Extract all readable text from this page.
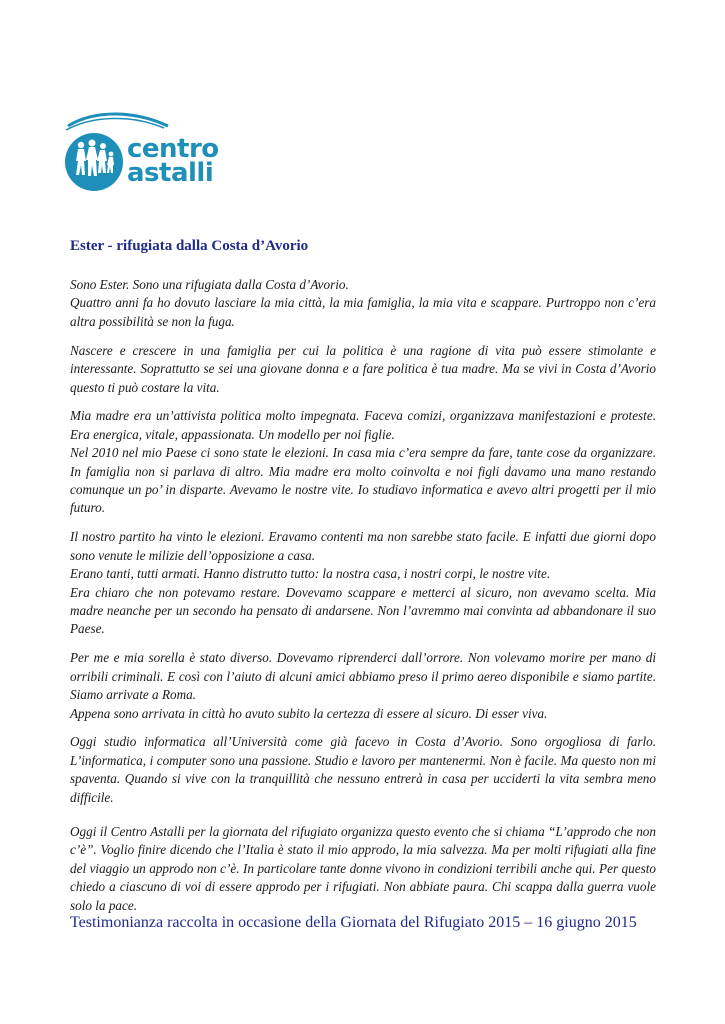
centro
astalli
Ester - rifugiata dalla Costa d’Avorio

Sono Ester. Sono una rifugiata dalla Costa d’Avorio.

Quattro anni fa ho dovuto lasciare la mia città, la mia famiglia, la mia vita e scappare. Purtroppo non c’era altra possibilità se non la fuga.

Nascere e crescere in una famiglia per cui la politica è una ragione di vita può essere stimolante e interessante. Soprattutto se sei una giovane donna e a fare politica è tua madre. Ma se vivi in Costa d’Avorio questo ti può costare la vita.

Mia madre era un’attivista politica molto impegnata. Faceva comizi, organizzava manifestazioni e proteste. Era energica, vitale, appassionata. Un modello per noi figlie.

Nel 2010 nel mio Paese ci sono state le elezioni. In casa mia c’era sempre da fare, tante cose da organizzare. In famiglia non si parlava di altro. Mia madre era molto coinvolta e noi figli davamo una mano restando comunque un po’ in disparte. Avevamo le nostre vite. Io studiavo informatica e avevo altri progetti per il mio futuro.

Il nostro partito ha vinto le elezioni. Eravamo contenti ma non sarebbe stato facile. E infatti due giorni dopo sono venute le milizie dell’opposizione a casa.

Erano tanti, tutti armati. Hanno distrutto tutto: la nostra casa, i nostri corpi, le nostre vite.

Era chiaro che non potevamo restare. Dovevamo scappare e metterci al sicuro, non avevamo scelta. Mia madre neanche per un secondo ha pensato di andarsene. Non l’avremmo mai convinta ad abbandonare il suo Paese.

Per me e mia sorella è stato diverso. Dovevamo riprenderci dall’orrore. Non volevamo morire per mano di orribili criminali. E così con l’aiuto di alcuni amici abbiamo preso il primo aereo disponibile e siamo partite. Siamo arrivate a Roma.

Appena sono arrivata in città ho avuto subito la certezza di essere al sicuro. Di esser viva.

Oggi studio informatica all’Università come già facevo in Costa d’Avorio. Sono orgogliosa di farlo. L’informatica, i computer sono una passione. Studio e lavoro per mantenermi. Non è facile. Ma questo non mi spaventa. Quando si vive con la tranquillità che nessuno entrerà in casa per ucciderti la vita sembra meno difficile.

Oggi il Centro Astalli per la giornata del rifugiato organizza questo evento che si chiama “L’approdo che non c’è”. Voglio finire dicendo che l’Italia è stato il mio approdo, la mia salvezza. Ma per molti rifugiati alla fine del viaggio un approdo non c’è. In particolare tante donne vivono in condizioni terribili anche qui. Per questo chiedo a ciascuno di voi di essere approdo per i rifugiati. Non abbiate paura. Chi scappa dalla guerra vuole solo la pace.

Testimonianza raccolta in occasione della Giornata del Rifugiato 2015 – 16 giugno 2015
